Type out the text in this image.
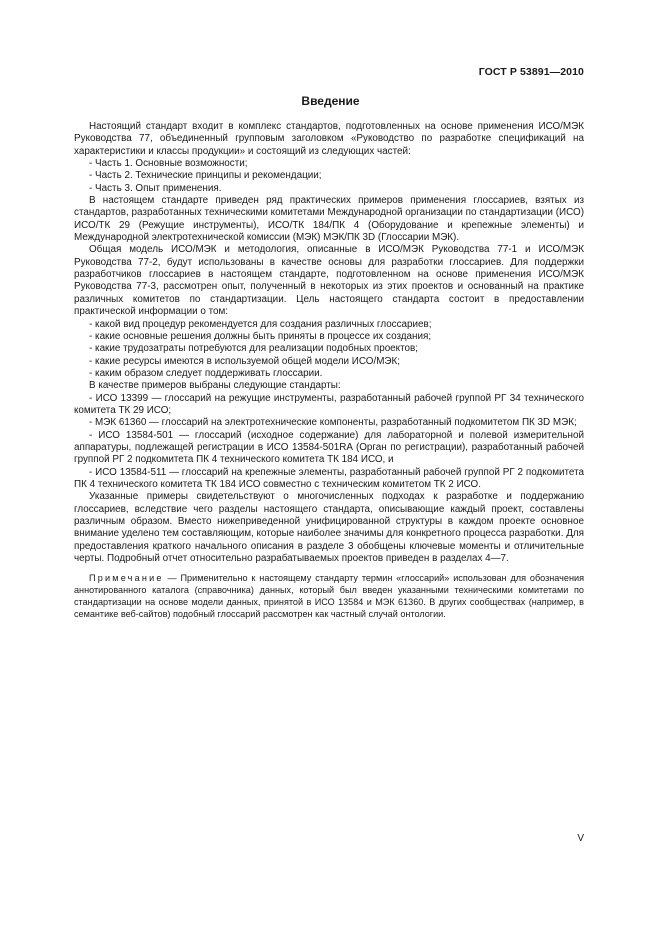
ГОСТ Р 53891—2010
Введение

Настоящий стандарт входит в комплекс стандартов, подготовленных на основе применения ИСО/МЭК Руководства 77, объединенный групповым заголовком «Руководство по разработке спецификаций на характеристики и классы продукции» и состоящий из следующих частей:

- Часть 1. Основные возможности;

- Часть 2. Технические принципы и рекомендации;

- Часть 3. Опыт применения.

В настоящем стандарте приведен ряд практических примеров применения глоссариев, взятых из стандартов, разработанных техническими комитетами Международной организации по стандартизации (ИСО) ИСО/ТК 29 (Режущие инструменты), ИСО/ТК 184/ПК 4 (Оборудование и крепежные элементы) и Международной электротехнической комиссии (МЭК) МЭК/ПК 3D (Глоссарии МЭК).

Общая модель ИСО/МЭК и методология, описанные в ИСО/МЭК Руководства 77-1 и ИСО/МЭК Руководства 77-2, будут использованы в качестве основы для разработки глоссариев. Для поддержки разработчиков глоссариев в настоящем стандарте, подготовленном на основе применения ИСО/МЭК Руководства 77-3, рассмотрен опыт, полученный в некоторых из этих проектов и основанный на практике различных комитетов по стандартизации. Цель настоящего стандарта состоит в предоставлении практической информации о том:

- какой вид процедур рекомендуется для создания различных глоссариев;

- какие основные решения должны быть приняты в процессе их создания;

- какие трудозатраты потребуются для реализации подобных проектов;

- какие ресурсы имеются в используемой общей модели ИСО/МЭК;

- каким образом следует поддерживать глоссарии.

В качестве примеров выбраны следующие стандарты:

- ИСО 13399 — глоссарий на режущие инструменты, разработанный рабочей группой РГ 34 технического комитета ТК 29 ИСО;

- МЭК 61360 — глоссарий на электротехнические компоненты, разработанный подкомитетом ПК 3D МЭК;

- ИСО 13584-501 — глоссарий (исходное содержание) для лабораторной и полевой измерительной аппаратуры, подлежащей регистрации в ИСО 13584-501RA (Орган по регистрации), разработанный рабочей группой РГ 2 подкомитета ПК 4 технического комитета ТК 184 ИСО, и

- ИСО 13584-511 — глоссарий на крепежные элементы, разработанный рабочей группой РГ 2 подкомитета ПК 4 технического комитета ТК 184 ИСО совместно с техническим комитетом ТК 2 ИСО.

Указанные примеры свидетельствуют о многочисленных подходах к разработке и поддержанию глоссариев, вследствие чего разделы настоящего стандарта, описывающие каждый проект, составлены различным образом. Вместо нижеприведенной унифицированной структуры в каждом проекте основное внимание уделено тем составляющим, которые наиболее значимы для конкретного процесса разработки. Для предоставления краткого начального описания в разделе 3 обобщены ключевые моменты и отличительные черты. Подробный отчет относительно разрабатываемых проектов приведен в разделах 4—7.

Примечание — Применительно к настоящему стандарту термин «глоссарий» использован для обозначения аннотированного каталога (справочника) данных, который был введен указанными техническими комитетами по стандартизации на основе модели данных, принятой в ИСО 13584 и МЭК 61360. В других сообществах (например, в семантике веб-сайтов) подобный глоссарий рассмотрен как частный случай онтологии.

V
